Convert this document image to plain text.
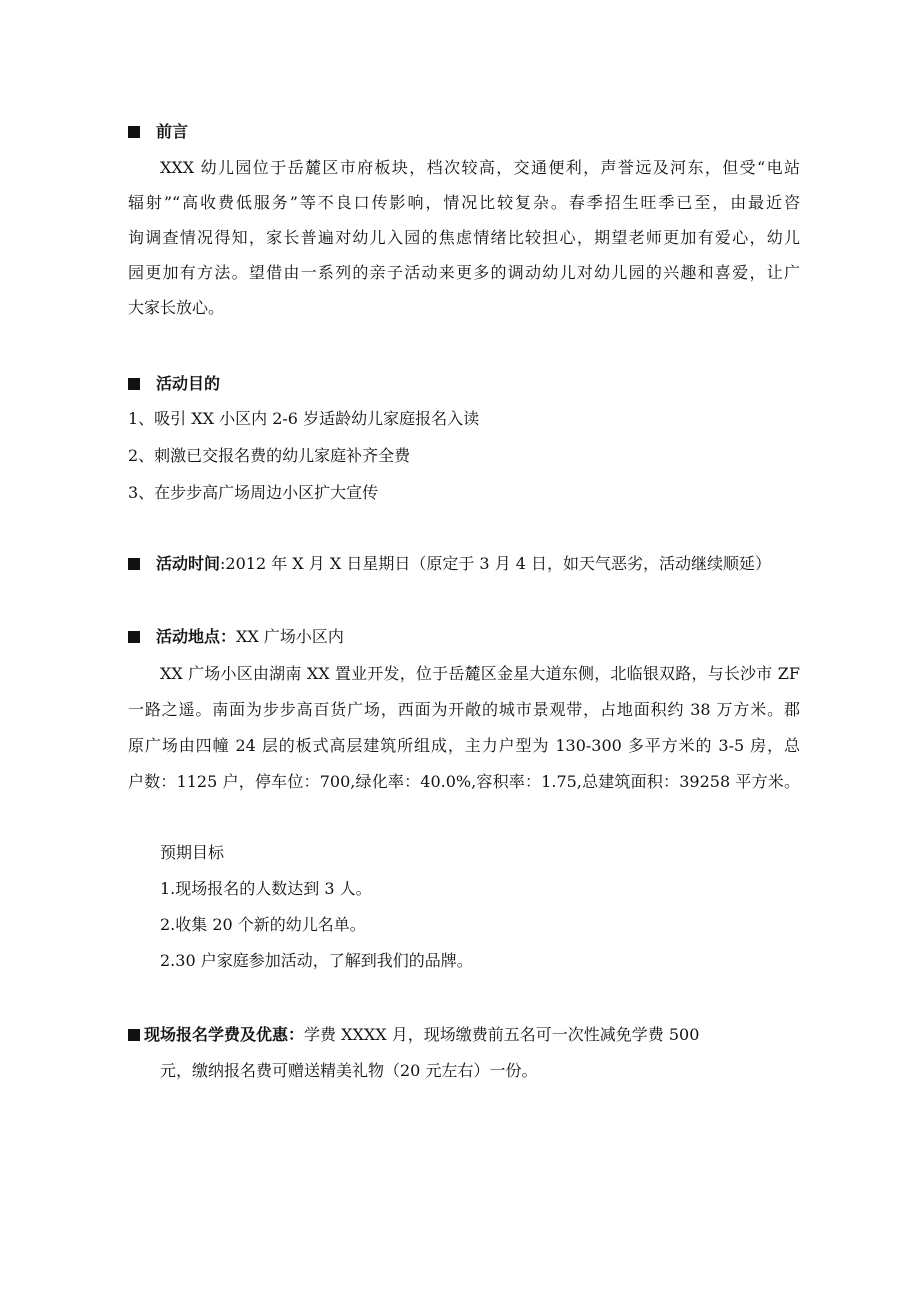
前言
XXX 幼儿园位于岳麓区市府板块，档次较高，交通便利，声誉远及河东，但受“电站
辐射”“高收费低服务”等不良口传影响，情况比较复杂。春季招生旺季已至，由最近咨
询调查情况得知，家长普遍对幼儿入园的焦虑情绪比较担心，期望老师更加有爱心，幼儿
园更加有方法。望借由一系列的亲子活动来更多的调动幼儿对幼儿园的兴趣和喜爱，让广
大家长放心。
活动目的
1、吸引 XX 小区内 2-6 岁适龄幼儿家庭报名入读
2、刺激已交报名费的幼儿家庭补齐全费
3、在步步高广场周边小区扩大宣传
活动时间:2012 年 X 月 X 日星期日（原定于 3 月 4 日，如天气恶劣，活动继续顺延）
活动地点：XX 广场小区内
XX 广场小区由湖南 XX 置业开发，位于岳麓区金星大道东侧，北临银双路，与长沙市 ZF
一路之遥。南面为步步高百货广场，西面为开敞的城市景观带，占地面积约 38 万方米。郡
原广场由四幢 24 层的板式高层建筑所组成，主力户型为 130-300 多平方米的 3-5 房，总
户数：1125 户，停车位：700,绿化率：40.0%,容积率：1.75,总建筑面积：39258 平方米。
预期目标
1.现场报名的人数达到 3 人。
2.收集 20 个新的幼儿名单。
2.30 户家庭参加活动，了解到我们的品牌。
现场报名学费及优惠：学费 XXXX 月，现场缴费前五名可一次性减免学费 500
元，缴纳报名费可赠送精美礼物（20 元左右）一份。
